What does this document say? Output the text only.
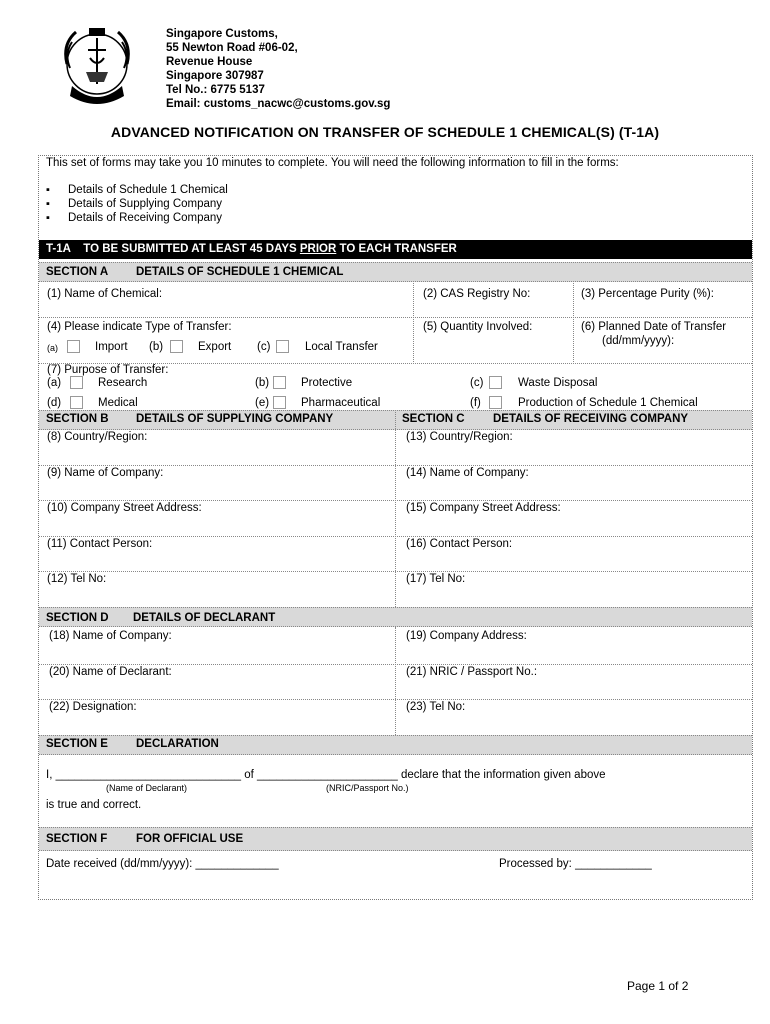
Singapore Customs,
55 Newton Road #06-02,
Revenue House
Singapore 307987
Tel No.: 6775 5137
Email: customs_nacwc@customs.gov.sg
ADVANCED NOTIFICATION ON TRANSFER OF SCHEDULE 1 CHEMICAL(S) (T-1A)
This set of forms may take you 10 minutes to complete. You will need the following information to fill in the forms:
▪ Details of Schedule 1 Chemical
▪ Details of Supplying Company
▪ Details of Receiving Company
T-1A    TO BE SUBMITTED AT LEAST 45 DAYS PRIOR TO EACH TRANSFER
SECTION A DETAILS OF SCHEDULE 1 CHEMICAL
(1) Name of Chemical:	(2) CAS Registry No:	(3) Percentage Purity (%):
(4) Please indicate Type of Transfer:	(5) Quantity Involved:	(6) Planned Date of Transfer
(dd/mm/yyyy):
(a)	Import (b)	Export (c)	Local Transfer
(7) Purpose of Transfer:
(a)	Research	(b)	Protective	(c)	Waste Disposal
(d)	Medical	(e)	Pharmaceutical	(f)	Production of Schedule 1 Chemical
SECTION B DETAILS OF SUPPLYING COMPANY	SECTION C DETAILS OF RECEIVING COMPANY
(8) Country/Region:	(13) Country/Region:
(9) Name of Company:	(14) Name of Company:
(10) Company Street Address:	(15) Company Street Address:
(11) Contact Person:	(16) Contact Person:
(12) Tel No:	(17) Tel No:
SECTION D DETAILS OF DECLARANT
(18) Name of Company:	(19) Company Address:
(20) Name of Declarant:	(21) NRIC / Passport No.:
(22) Designation:	(23) Tel No:
SECTION E DECLARATION
I, _____________________________ of ______________________ declare that the information given above
(Name of Declarant)	(NRIC/Passport No.)
is true and correct.
SECTION F FOR OFFICIAL USE
Date received (dd/mm/yyyy): _____________	Processed by: ____________
Page 1 of 2
